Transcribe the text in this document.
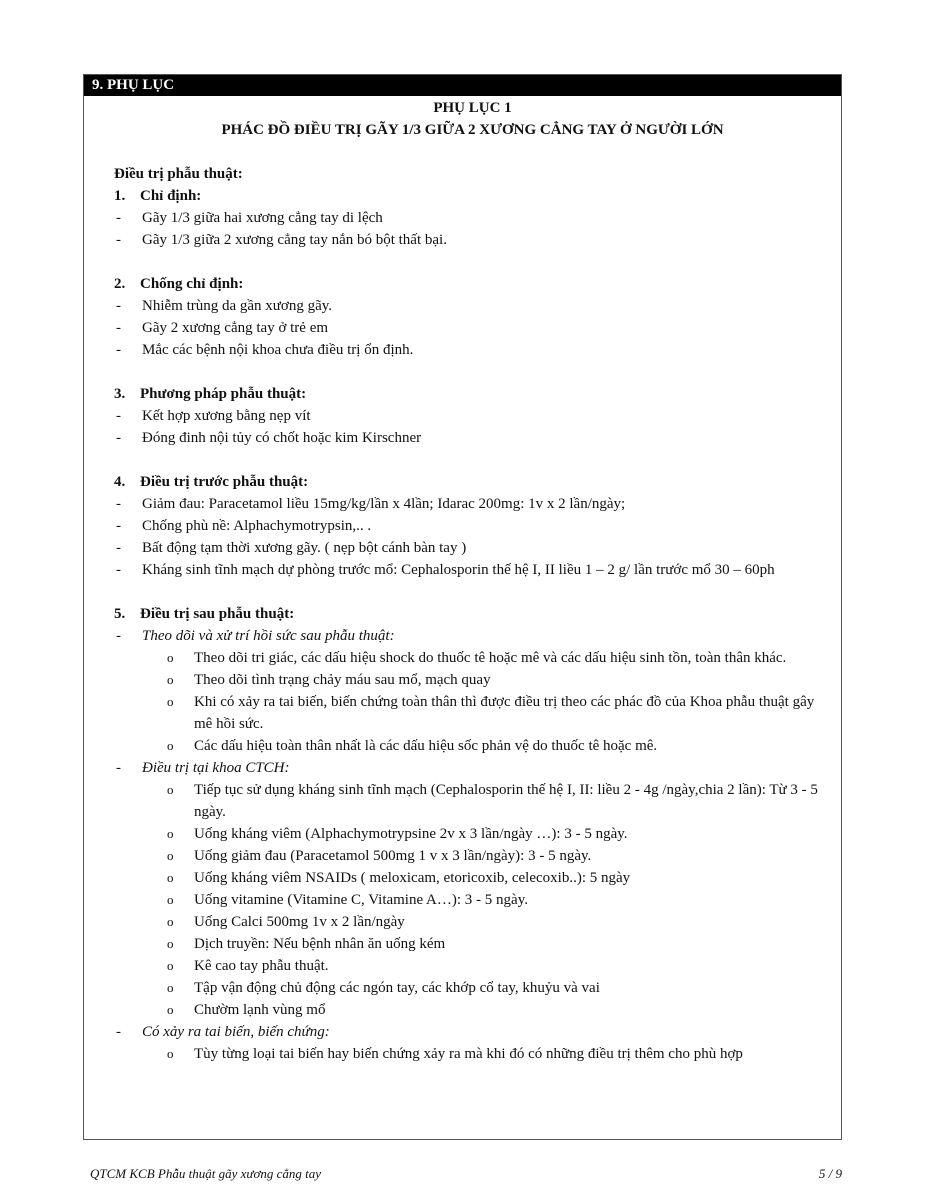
9. PHỤ LỤC
PHỤ LỤC 1
PHÁC ĐỒ ĐIỀU TRỊ GÃY 1/3 GIỮA 2 XƯƠNG CẲNG TAY Ở NGƯỜI LỚN
Điều trị phẫu thuật:
1. Chỉ định:
- Gãy 1/3 giữa hai xương cẳng tay di lệch
- Gãy 1/3 giữa 2 xương cẳng tay nắn bó bột thất bại.
2. Chống chỉ định:
- Nhiễm trùng da gần xương gãy.
- Gãy 2 xương cẳng tay ở trẻ em
- Mắc các bệnh nội khoa chưa điều trị ổn định.
3. Phương pháp phẫu thuật:
- Kết hợp xương bằng nẹp vít
- Đóng đinh nội tủy có chốt hoặc kim Kirschner
4. Điều trị trước phẫu thuật:
- Giảm đau: Paracetamol liều 15mg/kg/lần x 4lần; Idarac 200mg: 1v x 2 lần/ngày;
- Chống phù nề: Alphachymotrypsin,.. .
- Bất động tạm thời xương gãy. ( nẹp bột cánh bàn tay )
- Kháng sinh tĩnh mạch dự phòng trước mổ: Cephalosporin thế hệ I, II liều 1 – 2 g/ lần trước mổ 30 – 60ph
5. Điều trị sau phẫu thuật:
- Theo dõi và xử trí hồi sức sau phẫu thuật:
o Theo dõi tri giác, các dấu hiệu shock do thuốc tê hoặc mê và các dấu hiệu sinh tồn, toàn thân khác.
o Theo dõi tình trạng chảy máu sau mổ, mạch quay
o Khi có xảy ra tai biến, biến chứng toàn thân thì được điều trị theo các phác đồ của Khoa phẫu thuật gây mê hồi sức.
o Các dấu hiệu toàn thân nhất là các dấu hiệu sốc phản vệ do thuốc tê hoặc mê.
- Điều trị tại khoa CTCH:
o Tiếp tục sử dụng kháng sinh tĩnh mạch (Cephalosporin thế hệ I, II: liều 2 - 4g /ngày,chia 2 lần): Từ 3 - 5 ngày.
o Uống kháng viêm (Alphachymotrypsine 2v x 3 lần/ngày …): 3 - 5 ngày.
o Uống giảm đau (Paracetamol 500mg 1 v x 3 lần/ngày): 3 - 5 ngày.
o Uống kháng viêm NSAIDs ( meloxicam, etoricoxib, celecoxib..): 5 ngày
o Uống vitamine (Vitamine C, Vitamine A…): 3 - 5 ngày.
o Uống Calci 500mg 1v x 2 lần/ngày
o Dịch truyền: Nếu bệnh nhân ăn uống kém
o Kê cao tay phẫu thuật.
o Tập vận động chủ động các ngón tay, các khớp cổ tay, khuỷu và vai
o Chườm lạnh vùng mổ
- Có xảy ra tai biến, biến chứng:
o Tùy từng loại tai biến hay biến chứng xảy ra mà khi đó có những điều trị thêm cho phù hợp
QTCM KCB Phẫu thuật gãy xương cẳng tay	5 / 9
